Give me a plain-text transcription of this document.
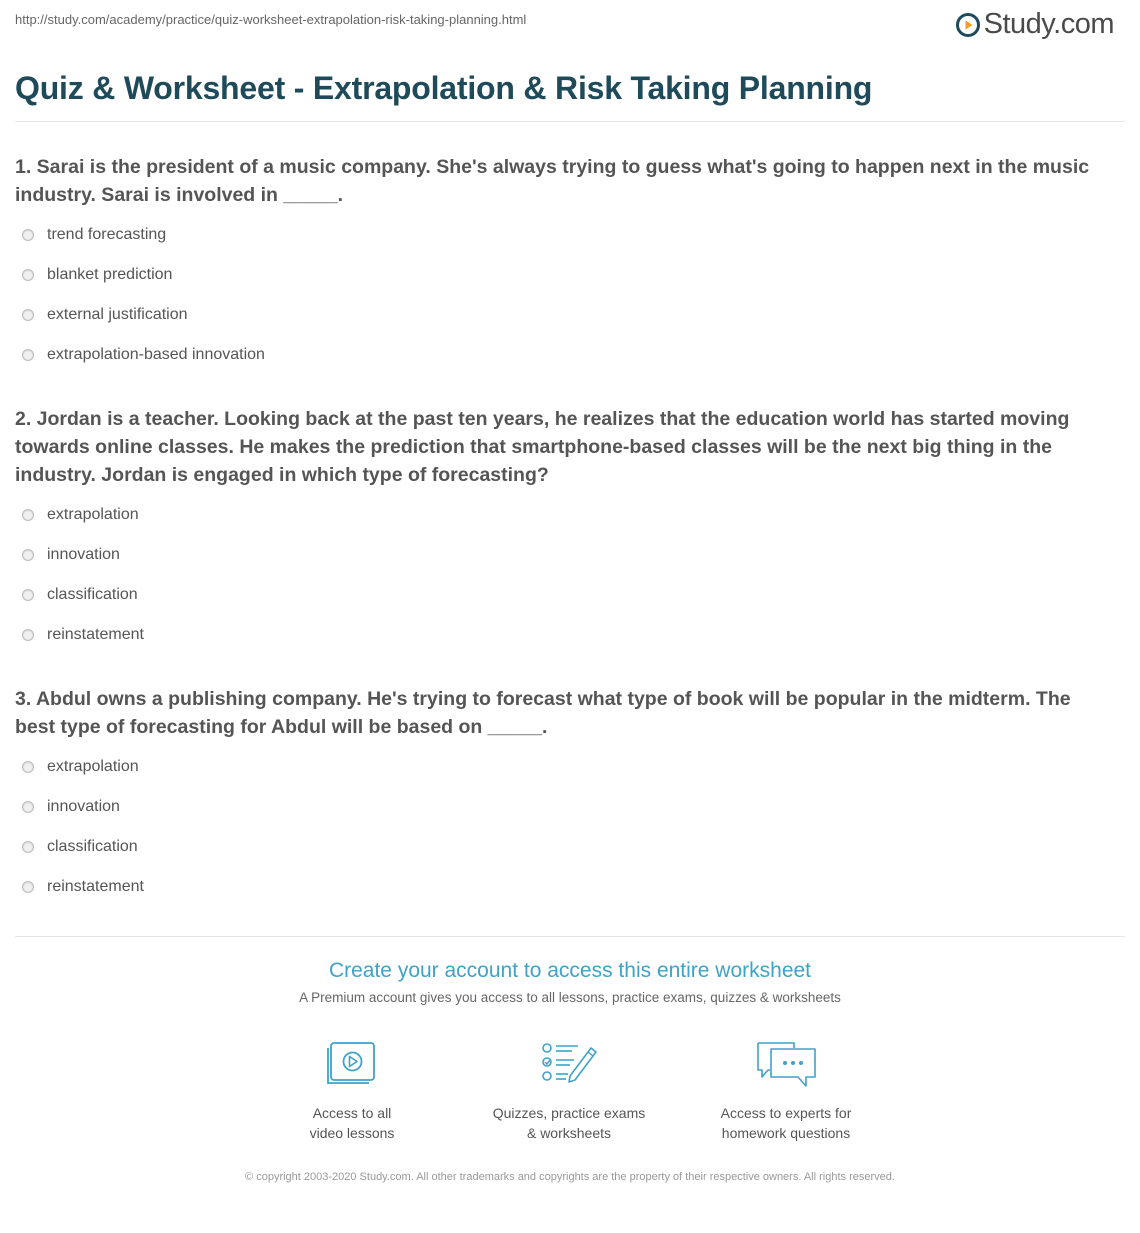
http://study.com/academy/practice/quiz-worksheet-extrapolation-risk-taking-planning.html	Study.com
Quiz & Worksheet - Extrapolation & Risk Taking Planning
1. Sarai is the president of a music company. She's always trying to guess what's going to happen next in the music industry. Sarai is involved in _____.
trend forecasting
blanket prediction
external justification
extrapolation-based innovation
2. Jordan is a teacher. Looking back at the past ten years, he realizes that the education world has started moving towards online classes. He makes the prediction that smartphone-based classes will be the next big thing in the industry. Jordan is engaged in which type of forecasting?
extrapolation
innovation
classification
reinstatement
3. Abdul owns a publishing company. He's trying to forecast what type of book will be popular in the midterm. The best type of forecasting for Abdul will be based on _____.
extrapolation
innovation
classification
reinstatement
Create your account to access this entire worksheet
A Premium account gives you access to all lessons, practice exams, quizzes & worksheets
Access to all
video lessons
Quizzes, practice exams
& worksheets
Access to experts for
homework questions
© copyright 2003-2020 Study.com. All other trademarks and copyrights are the property of their respective owners. All rights reserved.
